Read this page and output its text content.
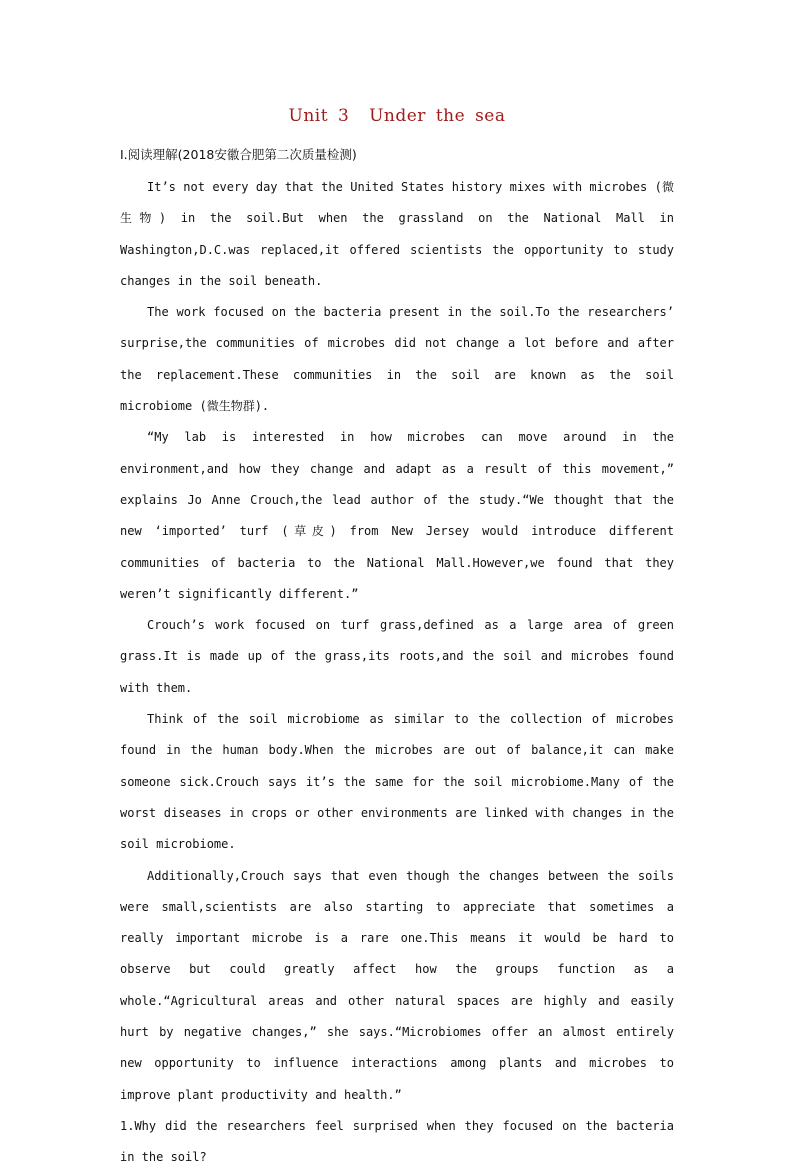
Unit 3  Under the sea
Ⅰ.阅读理解(2018安徽合肥第二次质量检测)

It’s not every day that the United States history mixes with microbes (微生物) in the soil.But when the grassland on the National Mall in Washington,D.C.was replaced,it offered scientists the opportunity to study changes in the soil beneath.

The work focused on the bacteria present in the soil.To the researchers’ surprise,the communities of microbes did not change a lot before and after the replacement.These communities in the soil are known as the soil microbiome (微生物群).

“My lab is interested in how microbes can move around in the environment,and how they change and adapt as a result of this movement,” explains Jo Anne Crouch,the lead author of the study.“We thought that the new ‘imported’ turf (草皮) from New Jersey would introduce different communities of bacteria to the National Mall.However,we found that they weren’t significantly different.”

Crouch’s work focused on turf grass,defined as a large area of green grass.It is made up of the grass,its roots,and the soil and microbes found with them.

Think of the soil microbiome as similar to the collection of microbes found in the human body.When the microbes are out of balance,it can make someone sick.Crouch says it’s the same for the soil microbiome.Many of the worst diseases in crops or other environments are linked with changes in the soil microbiome.

Additionally,Crouch says that even though the changes between the soils were small,scientists are also starting to appreciate that sometimes a really important microbe is a rare one.This means it would be hard to observe but could greatly affect how the groups function as a whole.“Agricultural areas and other natural spaces are highly and easily hurt by negative changes,” she says.“Microbiomes offer an almost entirely new opportunity to influence interactions among plants and microbes to improve plant productivity and health.”

1.Why did the researchers feel surprised when they focused on the bacteria in the soil?
